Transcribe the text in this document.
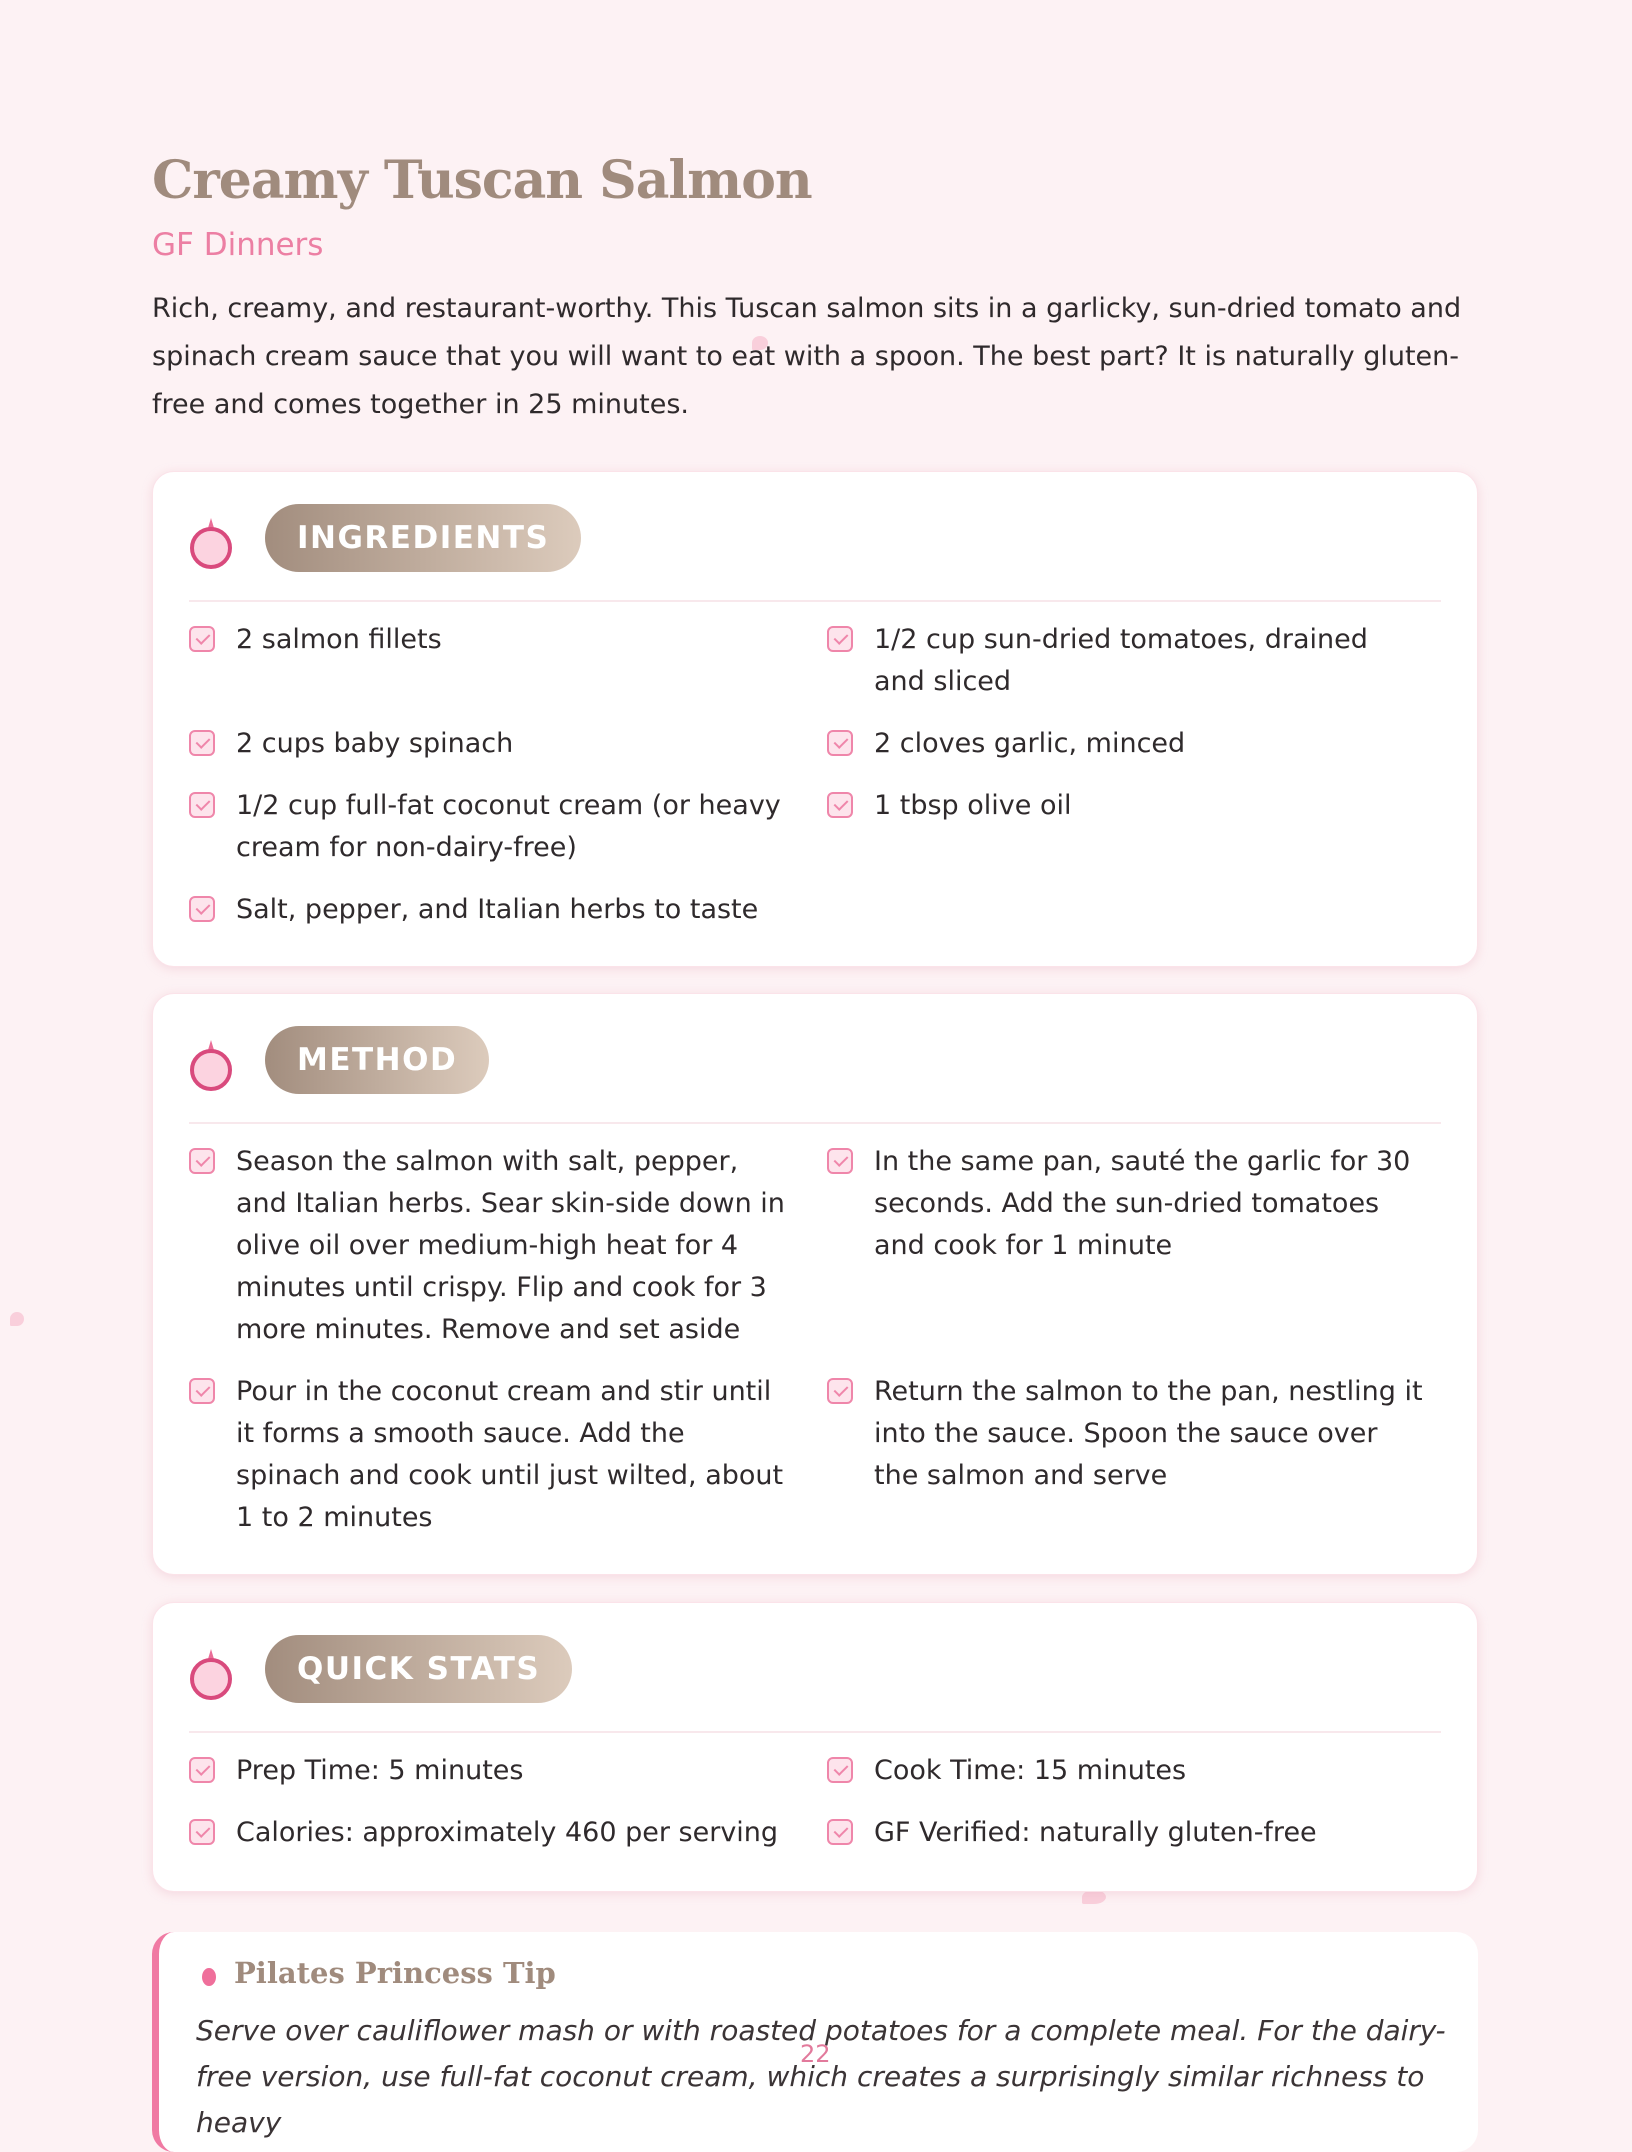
Creamy Tuscan Salmon
GF Dinners
Rich, creamy, and restaurant-worthy. This Tuscan salmon sits in a garlicky, sun-dried tomato and spinach cream sauce that you will want to eat with a spoon. The best part? It is naturally gluten-free and comes together in 25 minutes.
INGREDIENTS
2 salmon fillets	1/2 cup sun-dried tomatoes, drained and sliced
2 cups baby spinach	2 cloves garlic, minced
1/2 cup full-fat coconut cream (or heavy cream for non-dairy-free)
1 tbsp olive oil
Salt, pepper, and Italian herbs to taste
METHOD
Season the salmon with salt, pepper, and Italian herbs. Sear skin-side down in olive oil over medium-high heat for 4 minutes until crispy. Flip and cook for 3 more minutes. Remove and set aside
In the same pan, sauté the garlic for 30 seconds. Add the sun-dried tomatoes and cook for 1 minute
Pour in the coconut cream and stir until it forms a smooth sauce. Add the spinach and cook until just wilted, about 1 to 2 minutes
Return the salmon to the pan, nestling it into the sauce. Spoon the sauce over the salmon and serve
QUICK STATS
Prep Time: 5 minutes	Cook Time: 15 minutes
Calories: approximately 460 per serving	GF Verified: naturally gluten-free
Pilates Princess Tip
Serve over cauliflower mash or with roasted potatoes for a complete meal. For the dairy-free version, use full-fat coconut cream, which creates a surprisingly similar richness to heavy
22
